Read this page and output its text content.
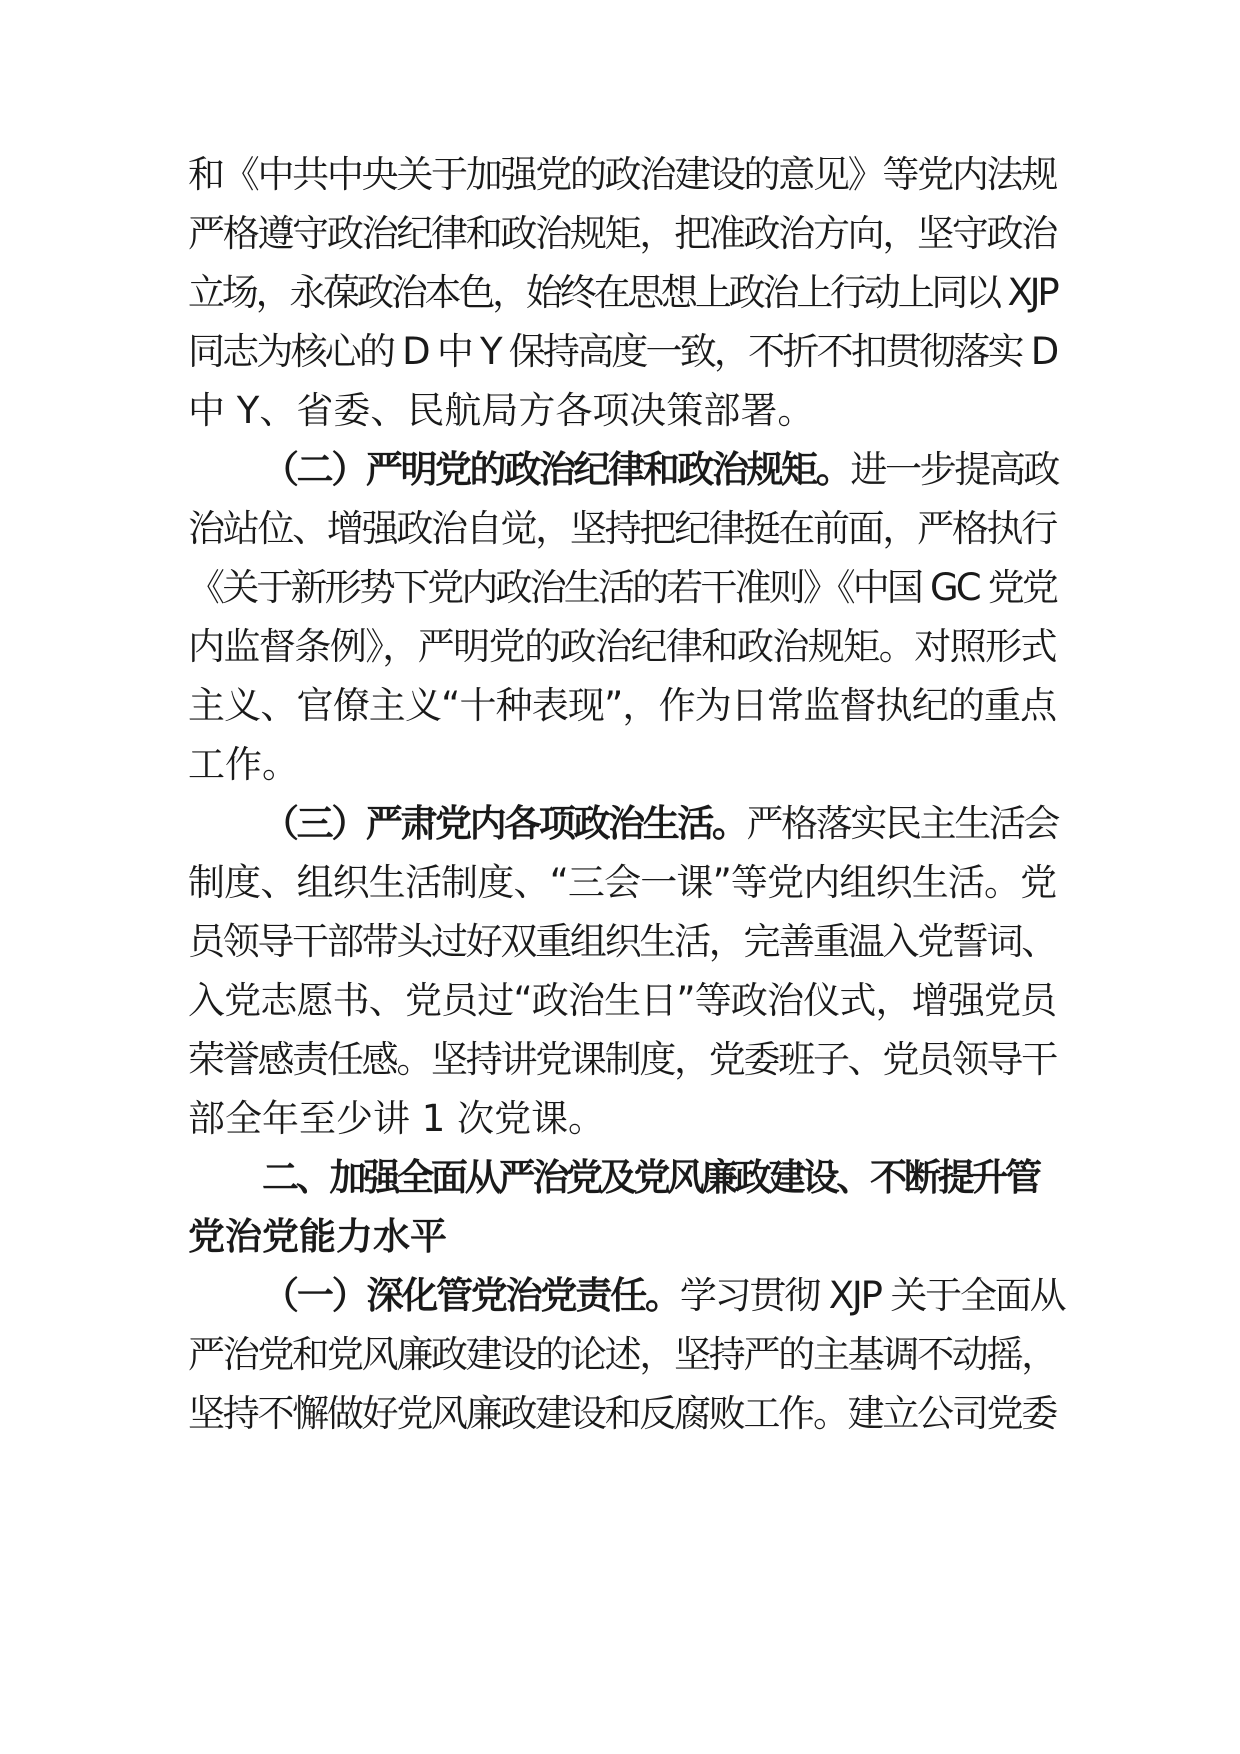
和《中共中央关于加强党的政治建设的意见》等党内法规
严格遵守政治纪律和政治规矩，把准政治方向，坚守政治
立场，永葆政治本色，始终在思想上政治上行动上同以 XJP
同志为核心的 D 中 Y 保持高度一致，不折不扣贯彻落实 D
中 Y、省委、民航局方各项决策部署。
（二）严明党的政治纪律和政治规矩。进一步提高政
治站位、增强政治自觉，坚持把纪律挺在前面，严格执行
《关于新形势下党内政治生活的若干准则》《中国 GC 党党
内监督条例》，严明党的政治纪律和政治规矩。对照形式
主义、官僚主义“十种表现”，作为日常监督执纪的重点
工作。
（三）严肃党内各项政治生活。严格落实民主生活会
制度、组织生活制度、“三会一课”等党内组织生活。党
员领导干部带头过好双重组织生活，完善重温入党誓词、
入党志愿书、党员过“政治生日”等政治仪式，增强党员
荣誉感责任感。坚持讲党课制度，党委班子、党员领导干
部全年至少讲 1 次党课。
二、加强全面从严治党及党风廉政建设、不断提升管
党治党能力水平
（一）深化管党治党责任。学习贯彻 XJP 关于全面从
严治党和党风廉政建设的论述，坚持严的主基调不动摇，
坚持不懈做好党风廉政建设和反腐败工作。建立公司党委
